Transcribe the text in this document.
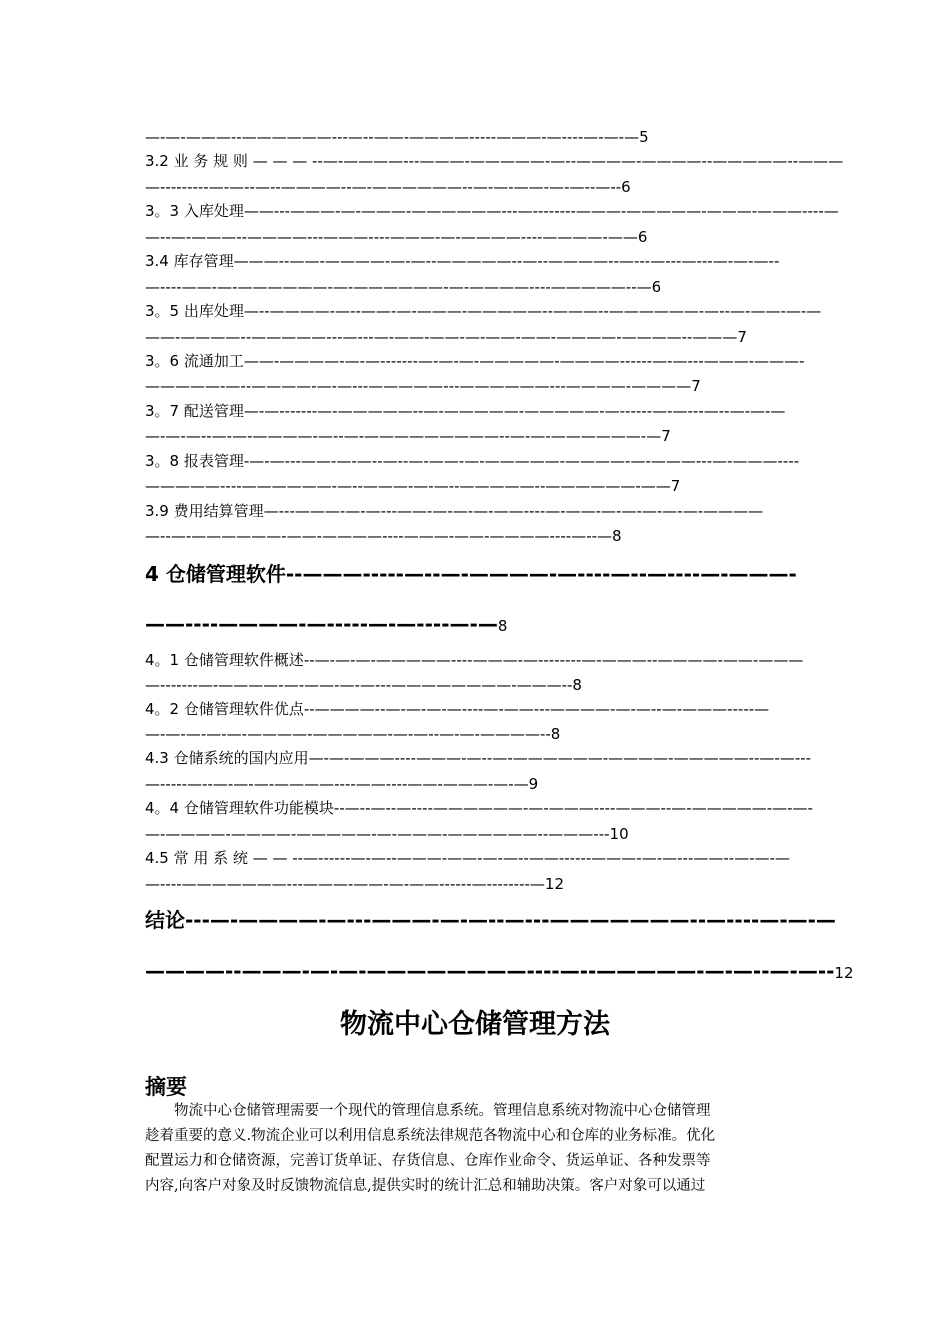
—-—-———--——————---—--——-————-----———-—----—-—-—5
3.2 业 务 规 则 — — — --—-————---———-—————-—--————-————--—————--———
—---------—-—--—--————--—-——————--—-—-——-—-—--—--6
3。3 入库处理——---———-—-———-——————---—--------———-—————-———-———----—
—--—-———--————---———----———-—-————----————-——6
3.4 库存管理———--——-————-—-—--—————--—--————--—---—---—---—-—-—--
—----——-—-——————-—-——————-—-————----—————--—6
3。5 出库处理—--————-—--——-—-———-—————--———--——————-—--—-——-—-—
——-————--—————---—---—-——-——-—-——-——-————-————--———7
3。6 流通加工——-————-—-—-------—-—-—-—————-————------—-—---———-———-
—————-—--————-—-—---—————---——————---————-————7
3。7 配送管理—-—-------—-—————--—-—————-—————-—------—-—---—--—-—-—
—-—-—--—-—-————-—--—-—————————--—-—-——————-—7
3。8 报表管理-—-—---——-—-—--—--—-——-—-—————-————-—-———---—-———----
—————----——————-—--———-—-—--—————--——————-——7
3.9 费用结算管理—---———-—-—---——-—-—-—-——----—-——-—-—-—-—-—-————
—--—-——————-——-————----———-——-————----—--—8
4 仓储管理软件--———-----—--—-————-—----—--—----—-———-
——----————-—-----—-—----—-—8
4。1 仓储管理软件概述--—-—-—-—————----———-—--------—-———--————-——-———
—-------—-————-—-——-—-—---————————-———--8
4。2 仓储管理软件优点--————--—-—-—-—----—-——---————-—-—--—-———-----—
—-—-—-—-—-————-—————-—-—--—-—-————--8
4.3 仓储系统的国内应用—-—-———----———-—--—-——————-————-—————--—-—---
—-----—--—-—-—-————----——----——-———-—-—9
4。4 仓储管理软件功能模块--—--—--—----——————-—-———----———--—-—————-—-—-
—-————-————-—————-—-———-——————--———---10
4.5 常 用 系 统 — — --—------—-—--———-——-—-—--——------———-—-—---——--—-—-—
—----———————---———-——-—-——------—--------—12
结论---—-————-—---———-—-—--—---———————--—----—-—-—
————--———-—-—-————————----—--—————-—-—--—-—--12
物流中心仓储管理方法
摘要
　　物流中心仓储管理需要一个现代的管理信息系统。管理信息系统对物流中心仓储管理
趁着重要的意义.物流企业可以利用信息系统法律规范各物流中心和仓库的业务标准。优化
配置运力和仓储资源，完善订货单证、存货信息、仓库作业命令、货运单证、各种发票等
内容,向客户对象及时反馈物流信息,提供实时的统计汇总和辅助决策。客户对象可以通过
